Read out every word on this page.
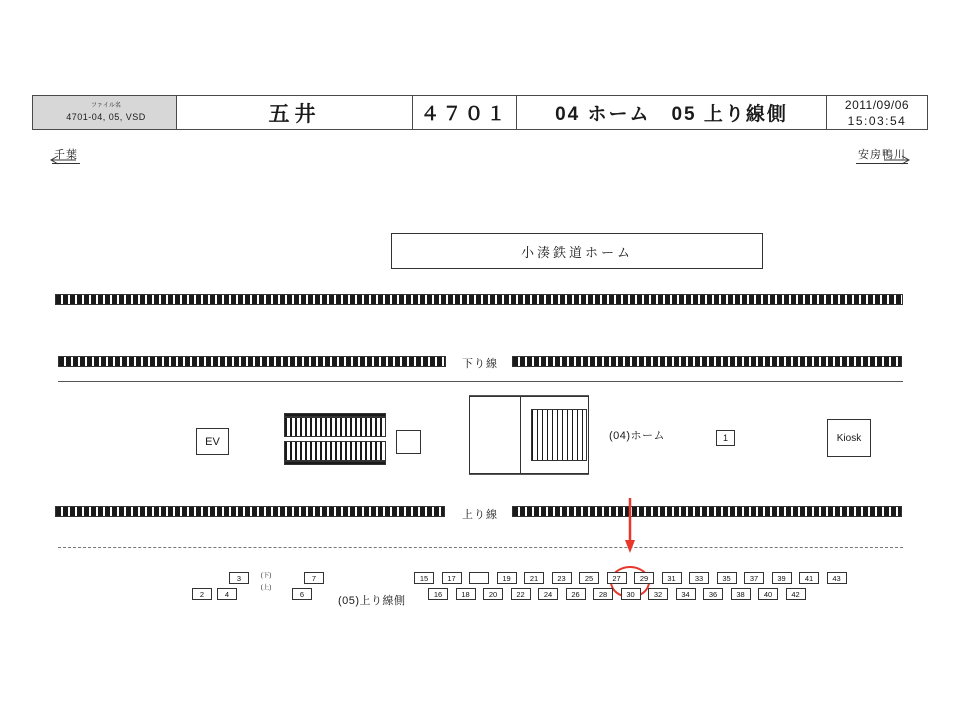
ファイル名
4701-04, 05, VSD	五井	４７０１	04 ホーム　05 上り線側	2011/09/06
15:03:54
千葉	安房鴨川
小湊鉄道ホーム
下り線
EV	1	Kiosk
(04)ホーム
上り線
(05)上り線側
3	7
(下)
(上)
2	4	6
15	17	19	21	23	25	27	29	31	33	35	37	39	41	43
16	18	20	22	24	26	28	30	32	34	36	38	40	42
